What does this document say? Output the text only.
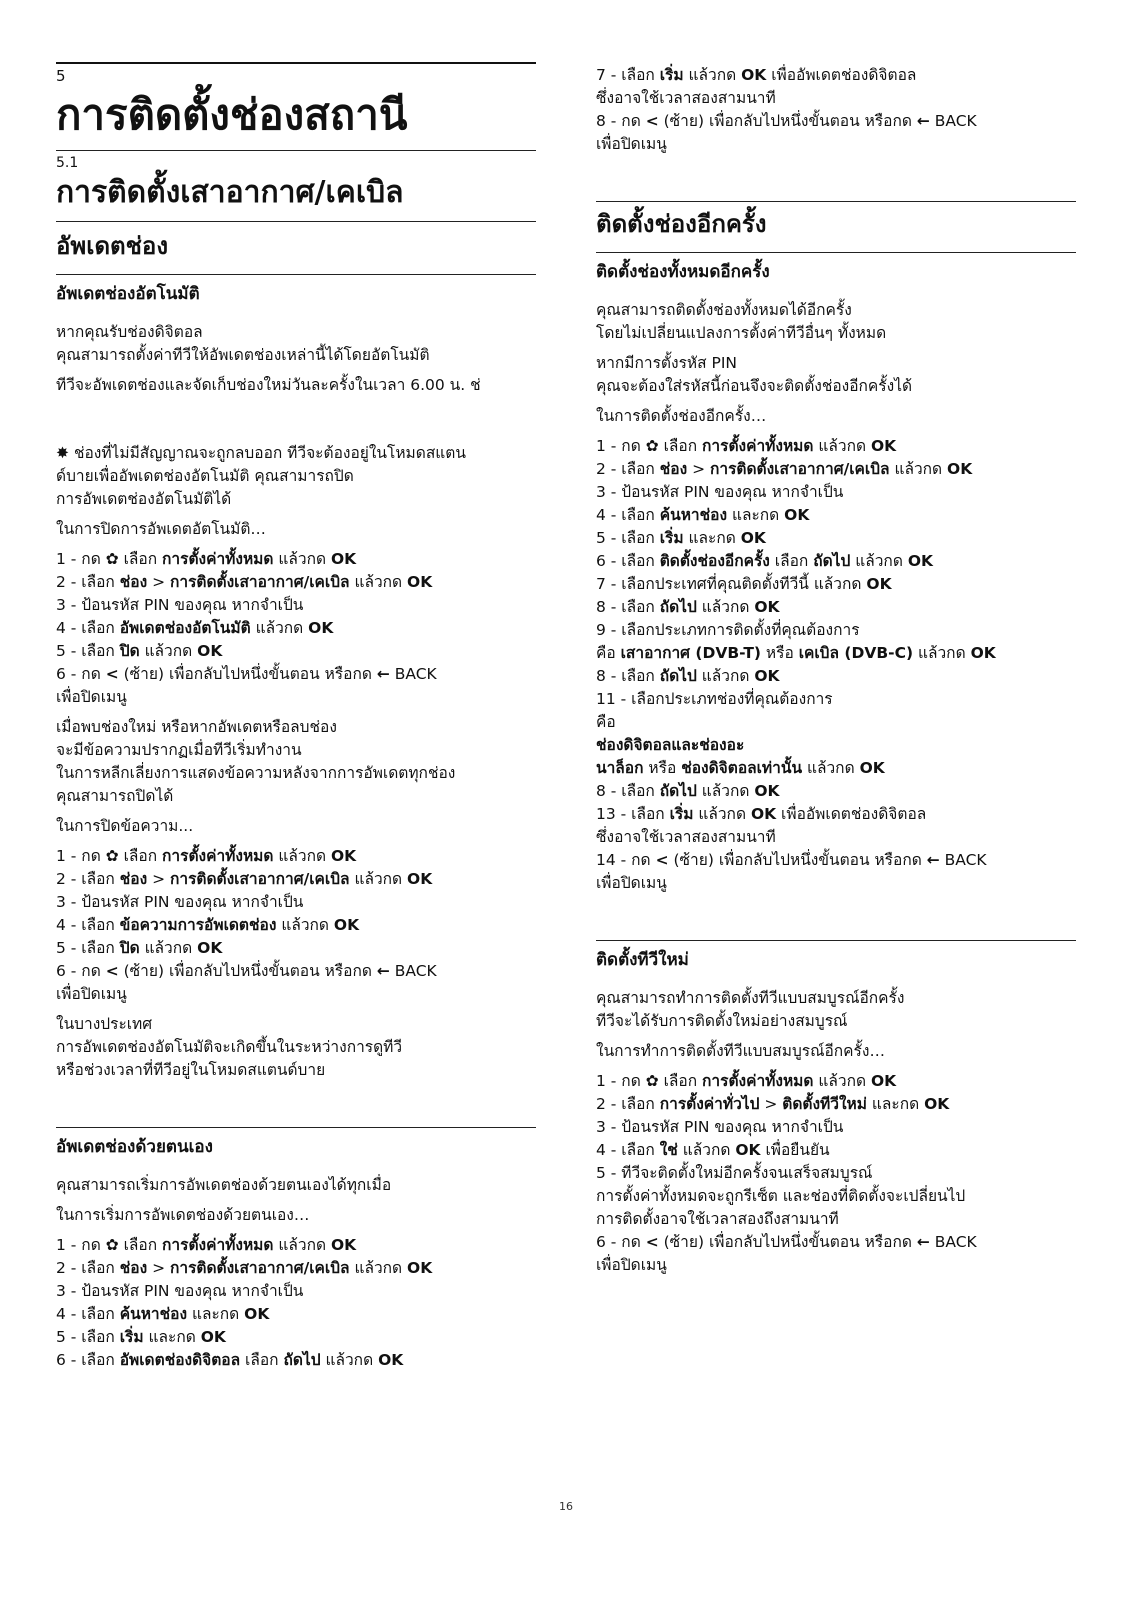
5
การติดตั้งช่องสถานี
5.1
การติดตั้งเสาอากาศ/เคเบิล
อัพเดตช่อง
อัพเดตช่องอัตโนมัติ
หากคุณรับช่องดิจิตอล
คุณสามารถตั้งค่าทีวีให้อัพเดตช่องเหล่านี้ได้โดยอัตโนมัติ
ทีวีจะอัพเดตช่องและจัดเก็บช่องใหม่วันละครั้งในเวลา 6.00 น. ช่
✸ ช่องที่ไม่มีสัญญาณจะถูกลบออก ทีวีจะต้องอยู่ในโหมดสแตน
ด์บายเพื่ออัพเดตช่องอัตโนมัติ คุณสามารถปิด
การอัพเดตช่องอัตโนมัติได้
ในการปิดการอัพเดตอัตโนมัติ…
1 - กด ✿ เลือก การตั้งค่าทั้งหมด แล้วกด OK
2 - เลือก ช่อง > การติดตั้งเสาอากาศ/เคเบิล แล้วกด OK
3 - ป้อนรหัส PIN ของคุณ หากจำเป็น
4 - เลือก อัพเดตช่องอัตโนมัติ แล้วกด OK
5 - เลือก ปิด แล้วกด OK
6 - กด < (ซ้าย) เพื่อกลับไปหนึ่งขั้นตอน หรือกด ← BACK
เพื่อปิดเมนู
เมื่อพบช่องใหม่ หรือหากอัพเดตหรือลบช่อง
จะมีข้อความปรากฏเมื่อทีวีเริ่มทำงาน
ในการหลีกเลี่ยงการแสดงข้อความหลังจากการอัพเดตทุกช่อง
คุณสามารถปิดได้
ในการปิดข้อความ...
1 - กด ✿ เลือก การตั้งค่าทั้งหมด แล้วกด OK
2 - เลือก ช่อง > การติดตั้งเสาอากาศ/เคเบิล แล้วกด OK
3 - ป้อนรหัส PIN ของคุณ หากจำเป็น
4 - เลือก ข้อความการอัพเดตช่อง แล้วกด OK
5 - เลือก ปิด แล้วกด OK
6 - กด < (ซ้าย) เพื่อกลับไปหนึ่งขั้นตอน หรือกด ← BACK
เพื่อปิดเมนู
ในบางประเทศ
การอัพเดตช่องอัตโนมัติจะเกิดขึ้นในระหว่างการดูทีวี
หรือช่วงเวลาที่ทีวีอยู่ในโหมดสแตนด์บาย
อัพเดตช่องด้วยตนเอง
คุณสามารถเริ่มการอัพเดตช่องด้วยตนเองได้ทุกเมื่อ
ในการเริ่มการอัพเดตช่องด้วยตนเอง…
1 - กด ✿ เลือก การตั้งค่าทั้งหมด แล้วกด OK
2 - เลือก ช่อง > การติดตั้งเสาอากาศ/เคเบิล แล้วกด OK
3 - ป้อนรหัส PIN ของคุณ หากจำเป็น
4 - เลือก ค้นหาช่อง และกด OK
5 - เลือก เริ่ม และกด OK
6 - เลือก อัพเดตช่องดิจิตอล เลือก ถัดไป แล้วกด OK
7 - เลือก เริ่ม แล้วกด OK เพื่ออัพเดตช่องดิจิตอล
ซึ่งอาจใช้เวลาสองสามนาที
8 - กด < (ซ้าย) เพื่อกลับไปหนึ่งขั้นตอน หรือกด ← BACK
เพื่อปิดเมนู
ติดตั้งช่องอีกครั้ง
ติดตั้งช่องทั้งหมดอีกครั้ง
คุณสามารถติดตั้งช่องทั้งหมดได้อีกครั้ง
โดยไม่เปลี่ยนแปลงการตั้งค่าทีวีอื่นๆ ทั้งหมด
หากมีการตั้งรหัส PIN
คุณจะต้องใส่รหัสนี้ก่อนจึงจะติดตั้งช่องอีกครั้งได้
ในการติดตั้งช่องอีกครั้ง…
1 - กด ✿ เลือก การตั้งค่าทั้งหมด แล้วกด OK
2 - เลือก ช่อง > การติดตั้งเสาอากาศ/เคเบิล แล้วกด OK
3 - ป้อนรหัส PIN ของคุณ หากจำเป็น
4 - เลือก ค้นหาช่อง และกด OK
5 - เลือก เริ่ม และกด OK
6 - เลือก ติดตั้งช่องอีกครั้ง เลือก ถัดไป แล้วกด OK
7 - เลือกประเทศที่คุณติดตั้งทีวีนี้ แล้วกด OK
8 - เลือก ถัดไป แล้วกด OK
9 - เลือกประเภทการติดตั้งที่คุณต้องการ
คือ เสาอากาศ (DVB-T) หรือ เคเบิล (DVB-C) แล้วกด OK
8 - เลือก ถัดไป แล้วกด OK
11 - เลือกประเภทช่องที่คุณต้องการ
คือ
ช่องดิจิตอลและช่องอะ
นาล็อก หรือ ช่องดิจิตอลเท่านั้น แล้วกด OK
8 - เลือก ถัดไป แล้วกด OK
13 - เลือก เริ่ม แล้วกด OK เพื่ออัพเดตช่องดิจิตอล
ซึ่งอาจใช้เวลาสองสามนาที
14 - กด < (ซ้าย) เพื่อกลับไปหนึ่งขั้นตอน หรือกด ← BACK
เพื่อปิดเมนู
ติดตั้งทีวีใหม่
คุณสามารถทำการติดตั้งทีวีแบบสมบูรณ์อีกครั้ง
ทีวีจะได้รับการติดตั้งใหม่อย่างสมบูรณ์
ในการทำการติดตั้งทีวีแบบสมบูรณ์อีกครั้ง…
1 - กด ✿ เลือก การตั้งค่าทั้งหมด แล้วกด OK
2 - เลือก การตั้งค่าทั่วไป > ติดตั้งทีวีใหม่ และกด OK
3 - ป้อนรหัส PIN ของคุณ หากจำเป็น
4 - เลือก ใช่ แล้วกด OK เพื่อยืนยัน
5 - ทีวีจะติดตั้งใหม่อีกครั้งจนเสร็จสมบูรณ์
การตั้งค่าทั้งหมดจะถูกรีเซ็ต และช่องที่ติดตั้งจะเปลี่ยนไป
การติดตั้งอาจใช้เวลาสองถึงสามนาที
6 - กด < (ซ้าย) เพื่อกลับไปหนึ่งขั้นตอน หรือกด ← BACK
เพื่อปิดเมนู
16
